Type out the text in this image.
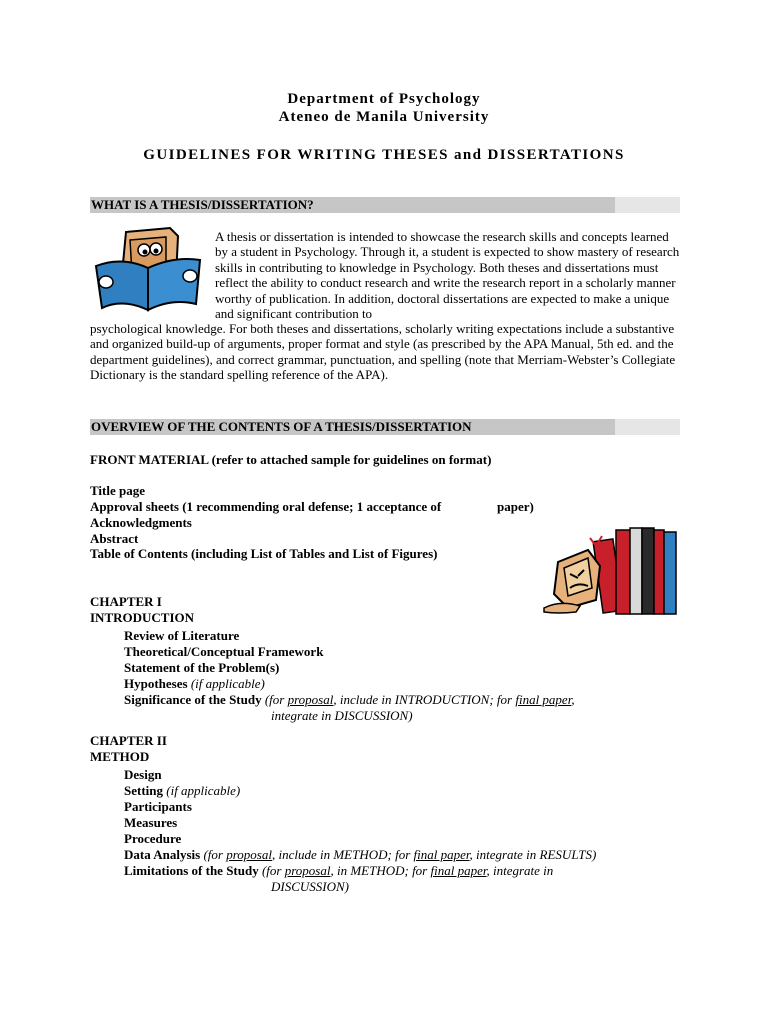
Department of Psychology
Ateneo de Manila University
GUIDELINES FOR WRITING THESES and DISSERTATIONS
WHAT IS A THESIS/DISSERTATION?
A thesis or dissertation is intended to showcase the research skills and concepts learned by a student in Psychology. Through it, a student is expected to show mastery of research skills in contributing to knowledge in Psychology. Both theses and dissertations must reflect the ability to conduct research and write the research report in a scholarly manner worthy of publication. In addition, doctoral dissertations are expected to make a unique and significant contribution to
psychological knowledge. For both theses and dissertations, scholarly writing expectations include a substantive and organized build-up of arguments, proper format and style (as prescribed by the APA Manual, 5th ed. and the department guidelines), and correct grammar, punctuation, and spelling (note that Merriam-Webster’s Collegiate Dictionary is the standard spelling reference of the APA).
OVERVIEW OF THE CONTENTS OF A THESIS/DISSERTATION
FRONT MATERIAL (refer to attached sample for guidelines on format)
Title page
Approval sheets (1 recommending oral defense; 1 acceptance of	paper)
Acknowledgments
Abstract
Table of Contents (including List of Tables and List of Figures)
CHAPTER I
INTRODUCTION
Review of Literature
Theoretical/Conceptual Framework
Statement of the Problem(s)
Hypotheses (if applicable)
Significance of the Study (for proposal, include in INTRODUCTION; for final paper,
integrate in DISCUSSION)
CHAPTER II
METHOD
Design
Setting (if applicable)
Participants
Measures
Procedure
Data Analysis (for proposal, include in METHOD; for final paper, integrate in RESULTS)
Limitations of the Study (for proposal, in METHOD; for final paper, integrate in
DISCUSSION)
